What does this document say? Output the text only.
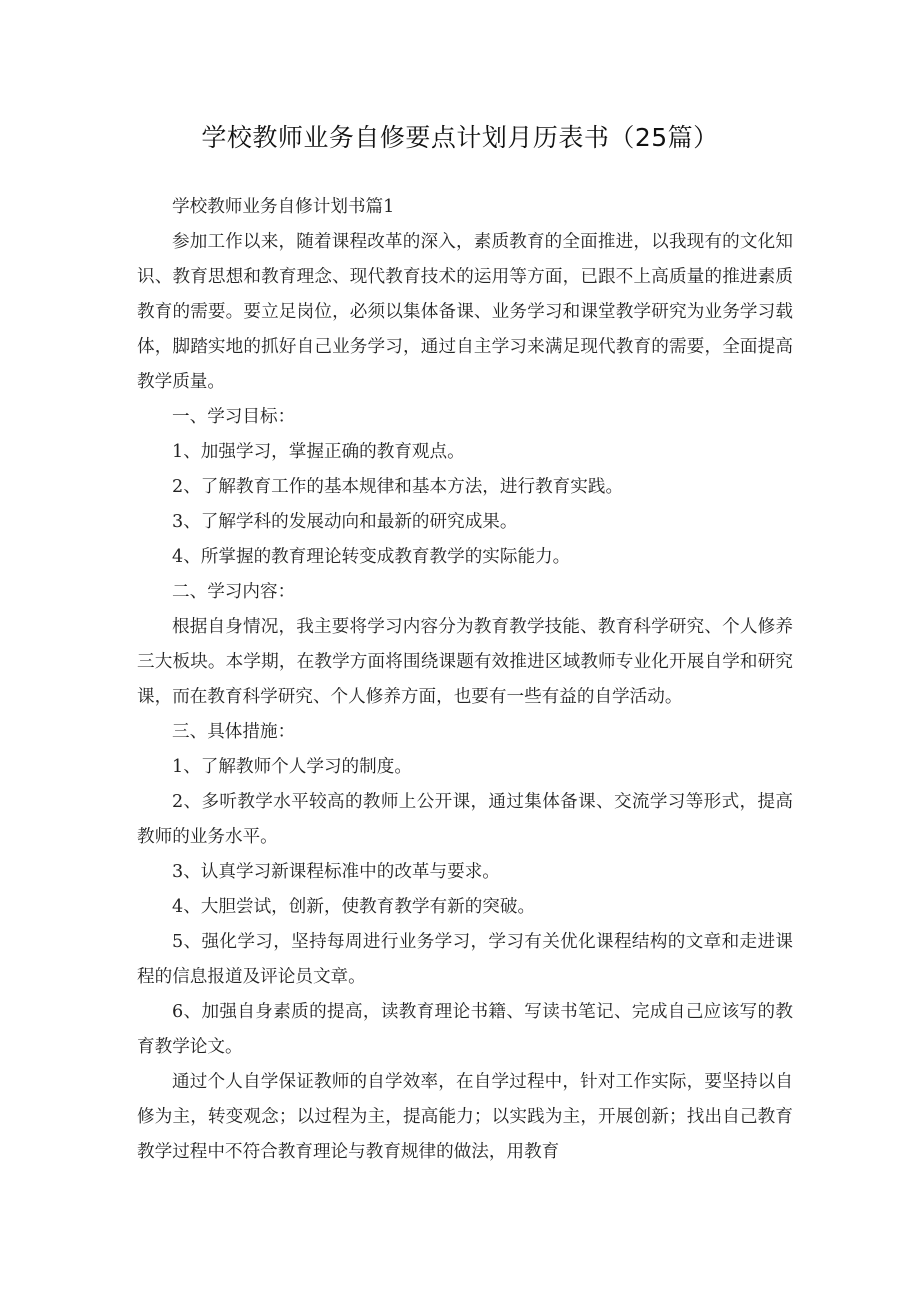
学校教师业务自修要点计划月历表书（25篇）

学校教师业务自修计划书篇1

参加工作以来，随着课程改革的深入，素质教育的全面推进，以我现有的文化知识、教育思想和教育理念、现代教育技术的运用等方面，已跟不上高质量的推进素质教育的需要。要立足岗位，必须以集体备课、业务学习和课堂教学研究为业务学习载体，脚踏实地的抓好自己业务学习，通过自主学习来满足现代教育的需要，全面提高教学质量。

一、学习目标：

1、加强学习，掌握正确的教育观点。

2、了解教育工作的基本规律和基本方法，进行教育实践。

3、了解学科的发展动向和最新的研究成果。

4、所掌握的教育理论转变成教育教学的实际能力。

二、学习内容：

根据自身情况，我主要将学习内容分为教育教学技能、教育科学研究、个人修养三大板块。本学期，在教学方面将围绕课题有效推进区域教师专业化开展自学和研究课，而在教育科学研究、个人修养方面，也要有一些有益的自学活动。

三、具体措施：

1、了解教师个人学习的制度。

2、多听教学水平较高的教师上公开课，通过集体备课、交流学习等形式，提高教师的业务水平。

3、认真学习新课程标准中的改革与要求。

4、大胆尝试，创新，使教育教学有新的突破。

5、强化学习，坚持每周进行业务学习，学习有关优化课程结构的文章和走进课程的信息报道及评论员文章。

6、加强自身素质的提高，读教育理论书籍、写读书笔记、完成自己应该写的教育教学论文。

通过个人自学保证教师的自学效率，在自学过程中，针对工作实际，要坚持以自修为主，转变观念；以过程为主，提高能力；以实践为主，开展创新；找出自己教育教学过程中不符合教育理论与教育规律的做法，用教育
